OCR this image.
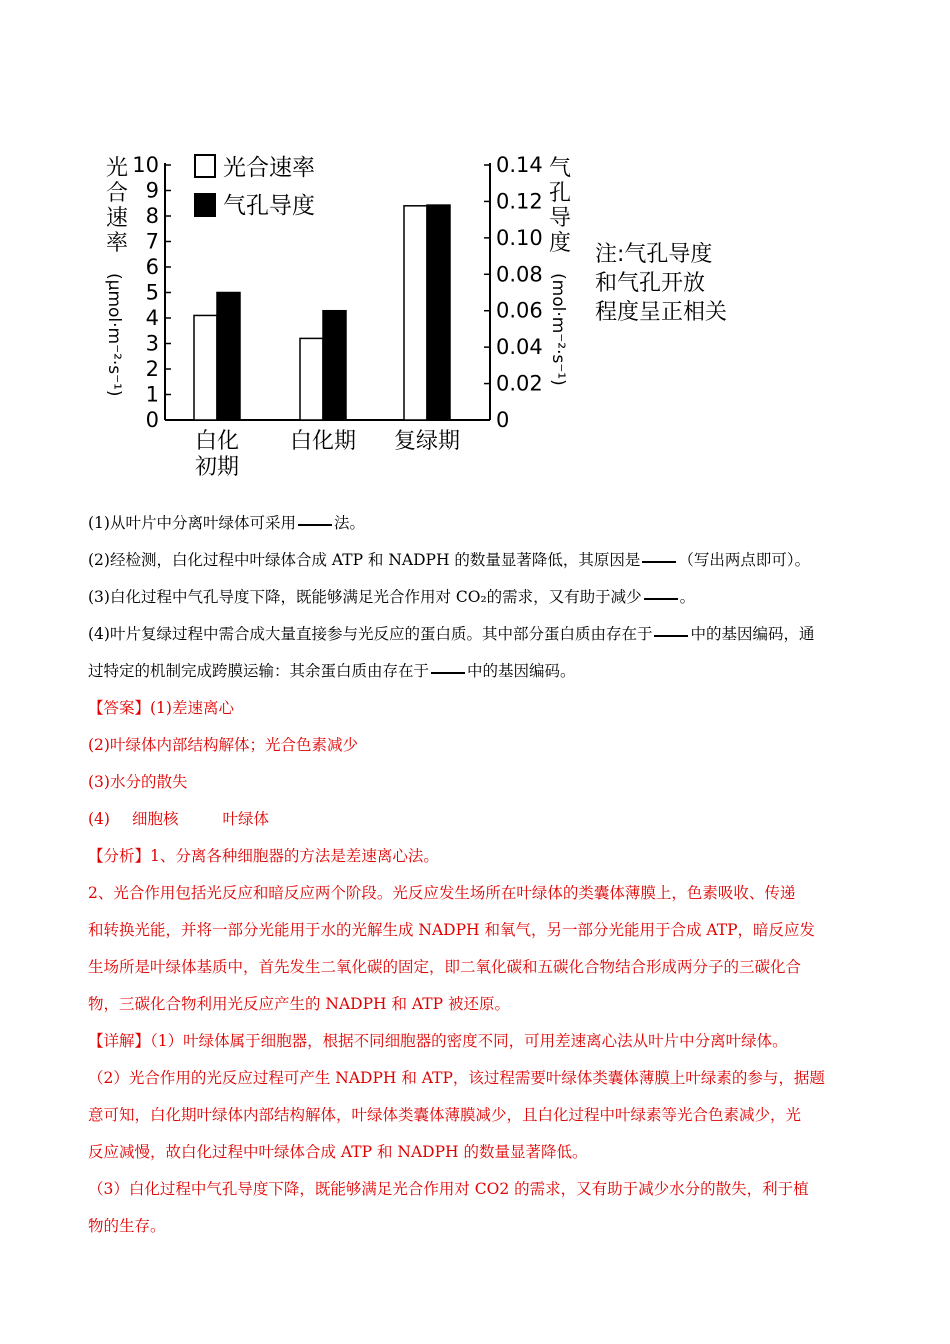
0
1
2
3
4
5
6
7
8
9
10
0
0.02
0.04
0.06
0.08
0.10
0.12
0.14
白化
初期
白化期 复绿期
光合速率
气孔导度
光
合
速
率
(μmol·m⁻²·s⁻¹)
气
孔
导
度
(mol·m⁻²·s⁻¹)
注:气孔导度
和气孔开放
程度呈正相关
(1)从叶片中分离叶绿体可采用 法。
(2)经检测，白化过程中叶绿体合成 ATP 和 NADPH 的数量显著降低，其原因是 （写出两点即可）。
(3)白化过程中气孔导度下降，既能够满足光合作用对 CO₂的需求，又有助于减少 。
(4)叶片复绿过程中需合成大量直接参与光反应的蛋白质。其中部分蛋白质由存在于 中的基因编码，通
过特定的机制完成跨膜运输：其余蛋白质由存在于 中的基因编码。
【答案】(1)差速离心
(2)叶绿体内部结构解体；光合色素减少
(3)水分的散失
(4) 细胞核	叶绿体
【分析】1、分离各种细胞器的方法是差速离心法。
2、光合作用包括光反应和暗反应两个阶段。光反应发生场所在叶绿体的类囊体薄膜上，色素吸收、传递
和转换光能，并将一部分光能用于水的光解生成 NADPH 和氧气，另一部分光能用于合成 ATP，暗反应发
生场所是叶绿体基质中，首先发生二氧化碳的固定，即二氧化碳和五碳化合物结合形成两分子的三碳化合
物，三碳化合物利用光反应产生的 NADPH 和 ATP 被还原。
【详解】（1）叶绿体属于细胞器，根据不同细胞器的密度不同，可用差速离心法从叶片中分离叶绿体。
（2）光合作用的光反应过程可产生 NADPH 和 ATP，该过程需要叶绿体类囊体薄膜上叶绿素的参与，据题
意可知，白化期叶绿体内部结构解体，叶绿体类囊体薄膜减少，且白化过程中叶绿素等光合色素减少，光
反应减慢，故白化过程中叶绿体合成 ATP 和 NADPH 的数量显著降低。
（3）白化过程中气孔导度下降，既能够满足光合作用对 CO2 的需求，又有助于减少水分的散失，利于植
物的生存。
